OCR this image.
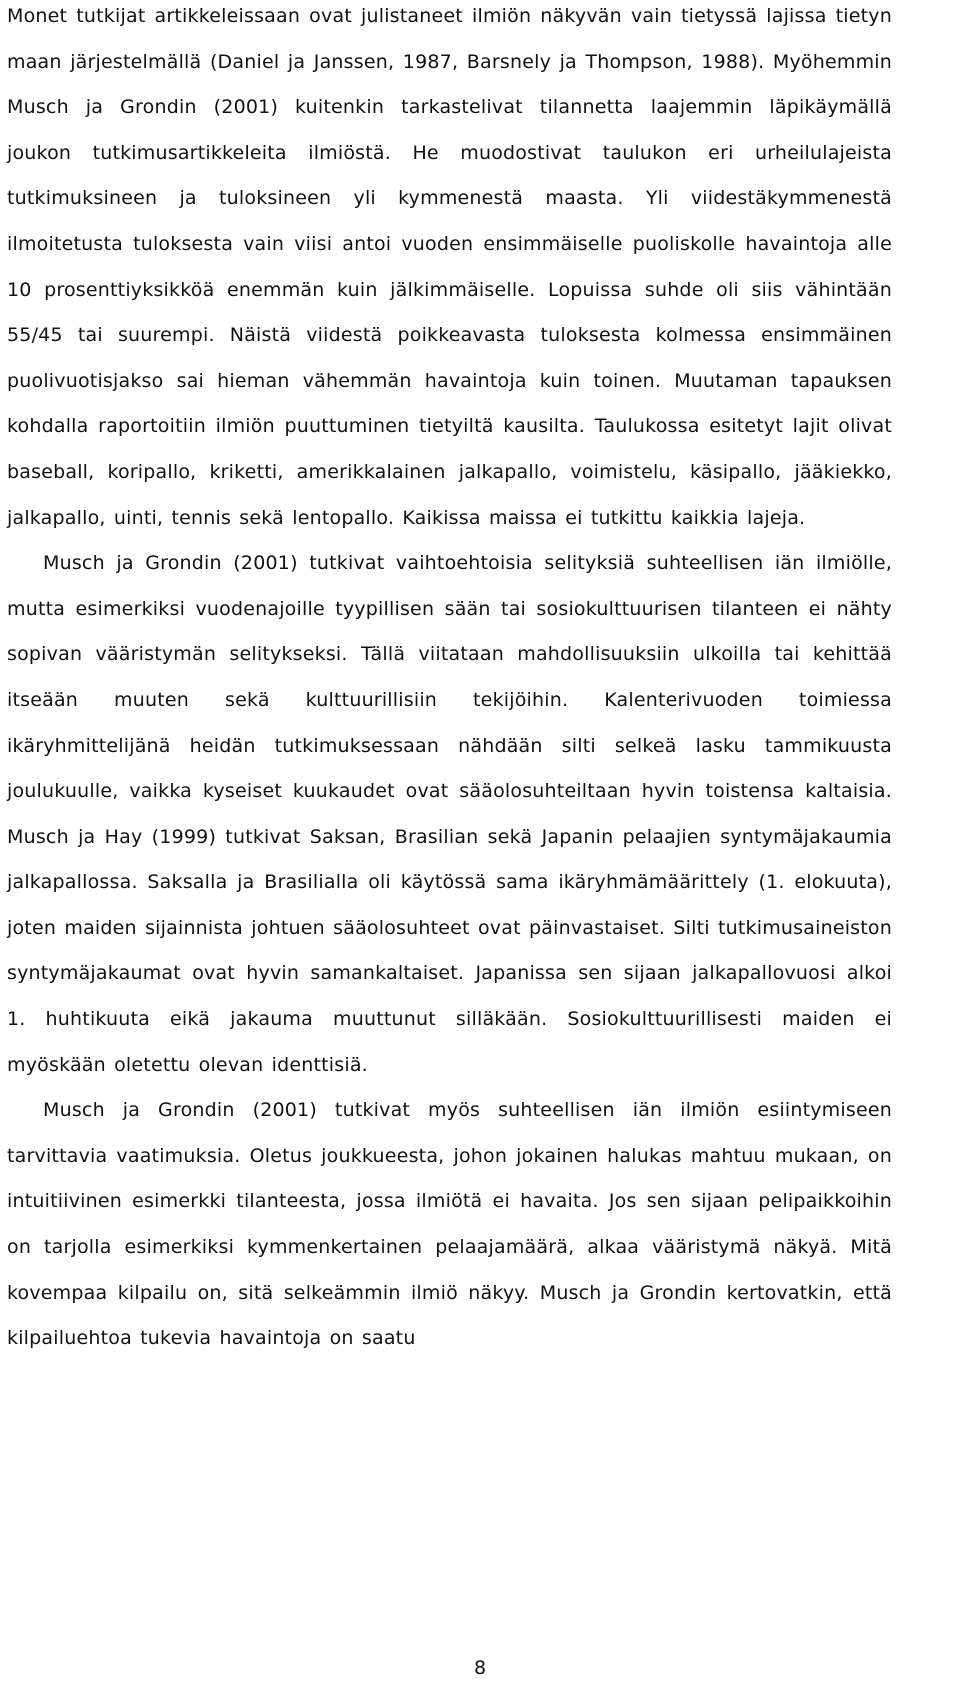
Monet tutkijat artikkeleissaan ovat julistaneet ilmiön näkyvän vain tietyssä lajissa tietyn maan järjestelmällä (Daniel ja Janssen, 1987, Barsnely ja Thompson, 1988). Myöhemmin Musch ja Grondin (2001) kuitenkin tarkastelivat tilannetta laajemmin läpikäymällä joukon tutkimusartikkeleita ilmiöstä. He muodostivat taulukon eri urheilulajeista tutkimuksineen ja tuloksineen yli kymmenestä maasta. Yli viidestäkymmenestä ilmoitetusta tuloksesta vain viisi antoi vuoden ensimmäiselle puoliskolle havaintoja alle 10 prosenttiyksikköä enemmän kuin jälkimmäiselle. Lopuissa suhde oli siis vähintään 55/45 tai suurempi. Näistä viidestä poikkeavasta tuloksesta kolmessa ensimmäinen puolivuotisjakso sai hieman vähemmän havaintoja kuin toinen. Muutaman tapauksen kohdalla raportoitiin ilmiön puuttuminen tietyiltä kausilta. Taulukossa esitetyt lajit olivat baseball, koripallo, kriketti, amerikkalainen jalkapallo, voimistelu, käsipallo, jääkiekko, jalkapallo, uinti, tennis sekä lentopallo. Kaikissa maissa ei tutkittu kaikkia lajeja.

Musch ja Grondin (2001) tutkivat vaihtoehtoisia selityksiä suhteellisen iän ilmiölle, mutta esimerkiksi vuodenajoille tyypillisen sään tai sosiokulttuurisen tilanteen ei nähty sopivan vääristymän selitykseksi. Tällä viitataan mahdollisuuksiin ulkoilla tai kehittää itseään muuten sekä kulttuurillisiin tekijöihin. Kalenterivuoden toimiessa ikäryhmittelijänä heidän tutkimuksessaan nähdään silti selkeä lasku tammikuusta joulukuulle, vaikka kyseiset kuukaudet ovat sääolosuhteiltaan hyvin toistensa kaltaisia. Musch ja Hay (1999) tutkivat Saksan, Brasilian sekä Japanin pelaajien syntymäjakaumia jalkapallossa. Saksalla ja Brasilialla oli käytössä sama ikäryhmämäärittely (1. elokuuta), joten maiden sijainnista johtuen sääolosuhteet ovat päinvastaiset. Silti tutkimusaineiston syntymäjakaumat ovat hyvin samankaltaiset. Japanissa sen sijaan jalkapallovuosi alkoi 1. huhtikuuta eikä jakauma muuttunut silläkään. Sosiokulttuurillisesti maiden ei myöskään oletettu olevan identtisiä.

Musch ja Grondin (2001) tutkivat myös suhteellisen iän ilmiön esiintymiseen tarvittavia vaatimuksia. Oletus joukkueesta, johon jokainen halukas mahtuu mukaan, on intuitiivinen esimerkki tilanteesta, jossa ilmiötä ei havaita. Jos sen sijaan pelipaikkoihin on tarjolla esimerkiksi kymmenkertainen pelaajamäärä, alkaa vääristymä näkyä. Mitä kovempaa kilpailu on, sitä selkeämmin ilmiö näkyy. Musch ja Grondin kertovatkin, että kilpailuehtoa tukevia havaintoja on saatu

8
